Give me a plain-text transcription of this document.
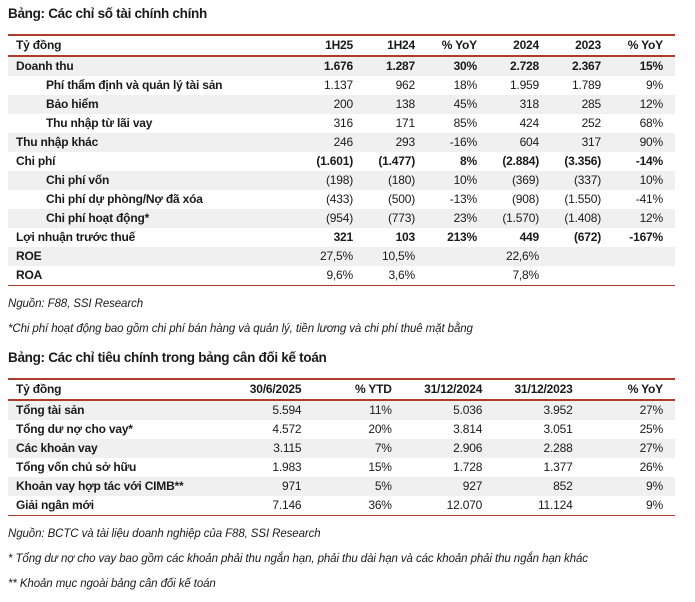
Bảng: Các chỉ số tài chính chính
Tỷ đồng	1H25	1H24	% YoY	2024	2023	% YoY
Doanh thu	1.676	1.287	30%	2.728	2.367	15%
Phí thẩm định và quản lý tài sản	1.137	962	18%	1.959	1.789	9%
Bảo hiểm	200	138	45%	318	285	12%
Thu nhập từ lãi vay	316	171	85%	424	252	68%
Thu nhập khác	246	293	-16%	604	317	90%
Chi phí	(1.601)	(1.477)	8%	(2.884)	(3.356)	-14%
Chi phí vốn	(198)	(180)	10%	(369)	(337)	10%
Chi phí dự phòng/Nợ đã xóa	(433)	(500)	-13%	(908)	(1.550)	-41%
Chi phí hoạt động*	(954)	(773)	23%	(1.570)	(1.408)	12%
Lợi nhuận trước thuế	321	103	213%	449	(672)	-167%
ROE	27,5%	10,5%		22,6%		
ROA	9,6%	3,6%		7,8%		

Nguồn: F88, SSI Research

*Chi phí hoạt động bao gồm chi phí bán hàng và quản lý, tiền lương và chi phí thuê mặt bằng

Bảng: Các chỉ tiêu chính trong bảng cân đối kế toán
Tỷ đồng	30/6/2025	% YTD	31/12/2024	31/12/2023	% YoY
Tổng tài sản	5.594	11%	5.036	3.952	27%
Tổng dư nợ cho vay*	4.572	20%	3.814	3.051	25%
Các khoản vay	3.115	7%	2.906	2.288	27%
Tổng vốn chủ sở hữu	1.983	15%	1.728	1.377	26%
Khoản vay hợp tác với CIMB**	971	5%	927	852	9%
Giải ngân mới	7.146	36%	12.070	11.124	9%

Nguồn: BCTC và tài liệu doanh nghiệp của F88, SSI Research

* Tổng dư nợ cho vay bao gồm các khoản phải thu ngắn hạn, phải thu dài hạn và các khoản phải thu ngắn hạn khác

** Khoản mục ngoài bảng cân đối kế toán
